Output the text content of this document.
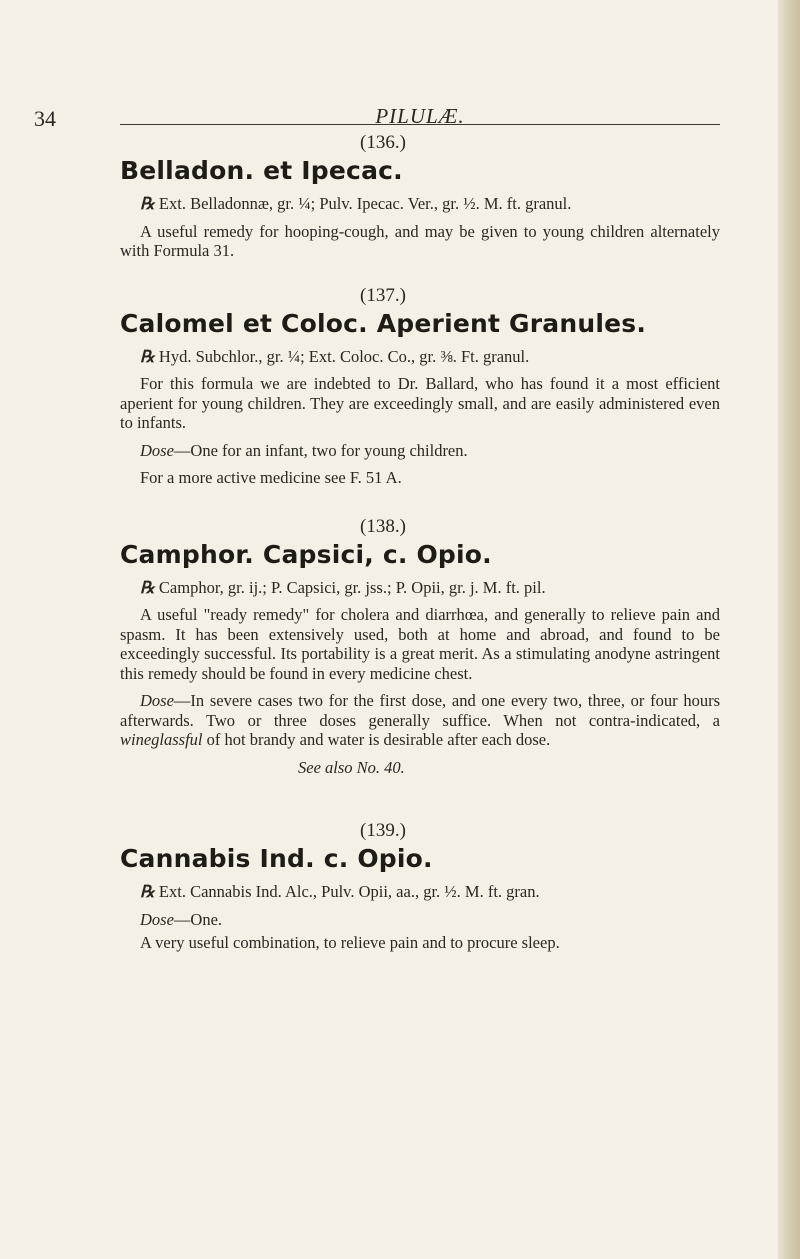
34	PILULÆ.

(136.)

Belladon. et Ipecac.

℞ Ext. Belladonnæ, gr. ¼; Pulv. Ipecac. Ver., gr. ½. M. ft. granul.

A useful remedy for hooping-cough, and may be given to young children alternately with Formula 31.

(137.)

Calomel et Coloc. Aperient Granules.

℞ Hyd. Subchlor., gr. ¼; Ext. Coloc. Co., gr. ⅜. Ft. granul.

For this formula we are indebted to Dr. Ballard, who has found it a most efficient aperient for young children. They are exceedingly small, and are easily administered even to infants.

Dose—One for an infant, two for young children.

For a more active medicine see F. 51 A.

(138.)

Camphor. Capsici, c. Opio.

℞ Camphor, gr. ij.; P. Capsici, gr. jss.; P. Opii, gr. j. M. ft. pil.

A useful "ready remedy" for cholera and diarrhœa, and generally to relieve pain and spasm. It has been extensively used, both at home and abroad, and found to be exceedingly successful. Its portability is a great merit. As a stimulating anodyne astringent this remedy should be found in every medicine chest.

Dose—In severe cases two for the first dose, and one every two, three, or four hours afterwards. Two or three doses generally suffice. When not contra-indicated, a wineglassful of hot brandy and water is desirable after each dose.

See also No. 40.

(139.)

Cannabis Ind. c. Opio.

℞ Ext. Cannabis Ind. Alc., Pulv. Opii, aa., gr. ½. M. ft. gran.

Dose—One.

A very useful combination, to relieve pain and to procure sleep.
